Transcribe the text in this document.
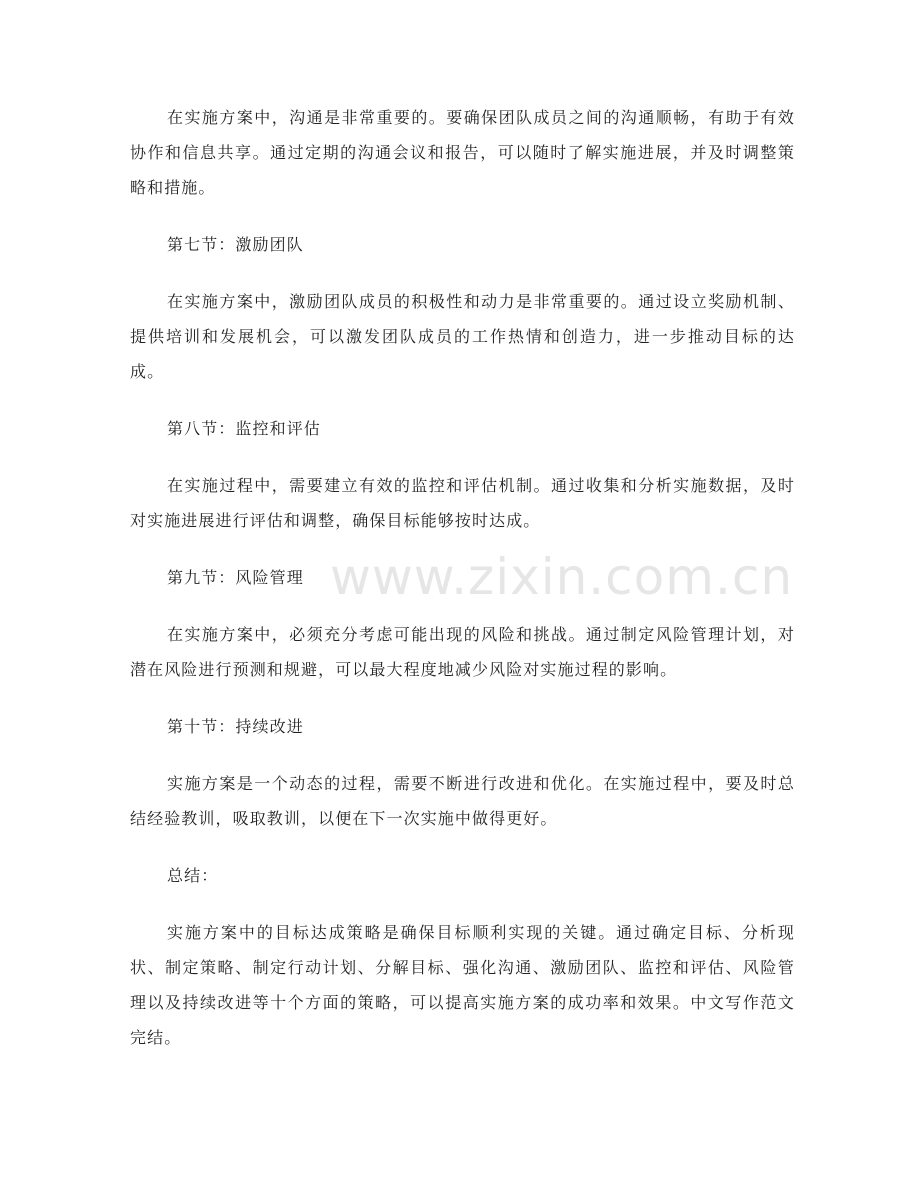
www.zixin.com.cn

在实施方案中，沟通是非常重要的。要确保团队成员之间的沟通顺畅，有助于有效协作和信息共享。通过定期的沟通会议和报告，可以随时了解实施进展，并及时调整策略和措施。

第七节：激励团队

在实施方案中，激励团队成员的积极性和动力是非常重要的。通过设立奖励机制、提供培训和发展机会，可以激发团队成员的工作热情和创造力，进一步推动目标的达成。

第八节：监控和评估

在实施过程中，需要建立有效的监控和评估机制。通过收集和分析实施数据，及时对实施进展进行评估和调整，确保目标能够按时达成。

第九节：风险管理

在实施方案中，必须充分考虑可能出现的风险和挑战。通过制定风险管理计划，对潜在风险进行预测和规避，可以最大程度地减少风险对实施过程的影响。

第十节：持续改进

实施方案是一个动态的过程，需要不断进行改进和优化。在实施过程中，要及时总结经验教训，吸取教训，以便在下一次实施中做得更好。

总结：

实施方案中的目标达成策略是确保目标顺利实现的关键。通过确定目标、分析现状、制定策略、制定行动计划、分解目标、强化沟通、激励团队、监控和评估、风险管理以及持续改进等十个方面的策略，可以提高实施方案的成功率和效果。中文写作范文完结。
